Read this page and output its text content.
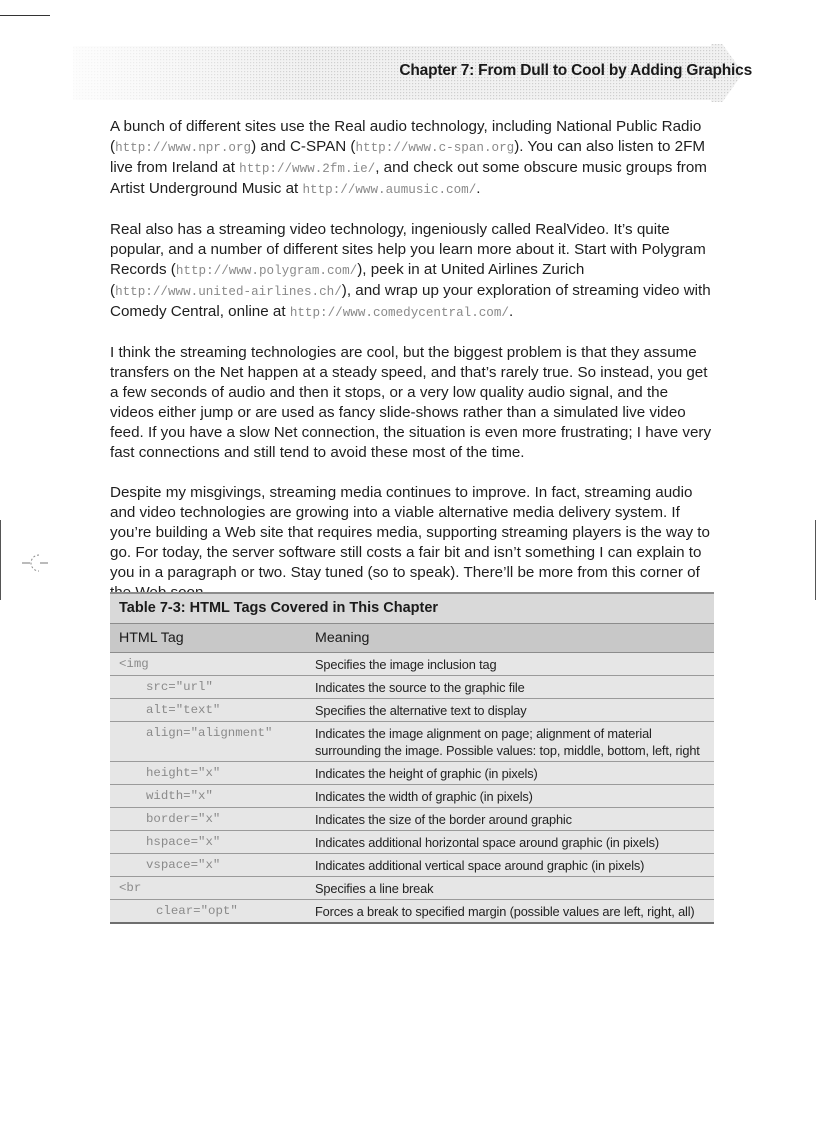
Chapter 7: From Dull to Cool by Adding Graphics

A bunch of different sites use the Real audio technology, including National Public Radio (http://www.npr.org) and C-SPAN (http://www.c-span.org). You can also listen to 2FM live from Ireland at http://www.2fm.ie/, and check out some obscure music groups from Artist Underground Music at http://www.aumusic.com/.

Real also has a streaming video technology, ingeniously called RealVideo. It’s quite popular, and a number of different sites help you learn more about it. Start with Polygram Records (http://www.polygram.com/), peek in at United Airlines Zurich (http://www.united-airlines.ch/), and wrap up your exploration of streaming video with Comedy Central, online at http://www.comedycentral.com/.

I think the streaming technologies are cool, but the biggest problem is that they assume transfers on the Net happen at a steady speed, and that’s rarely true. So instead, you get a few seconds of audio and then it stops, or a very low quality audio signal, and the videos either jump or are used as fancy slide-shows rather than a simulated live video feed. If you have a slow Net connection, the situation is even more frustrating; I have very fast connections and still tend to avoid these most of the time.

Despite my misgivings, streaming media continues to improve. In fact, streaming audio and video technologies are growing into a viable alternative media delivery system. If you’re building a Web site that requires media, supporting streaming players is the way to go. For today, the server software still costs a fair bit and isn’t something I can explain to you in a paragraph or two. Stay tuned (so to speak). There’ll be more from this corner of

Table 7-3: HTML Tags Covered in This Chapter
HTML Tag	Meaning
<img	Specifies the image inclusion tag
src="url"	Indicates the source to the graphic file
alt="text"	Specifies the alternative text to display
align="alignment"	Indicates the image alignment on page; alignment of material surrounding the image. Possible values: top, middle, bottom, left, right
height="x"	Indicates the height of graphic (in pixels)
width="x"	Indicates the width of graphic (in pixels)
border="x"	Indicates the size of the border around graphic
hspace="x"	Indicates additional horizontal space around graphic (in pixels)
vspace="x"	Indicates additional vertical space around graphic (in pixels)
<br	Specifies a line break
clear="opt"	Forces a break to specified margin (possible values are left, right, all)
